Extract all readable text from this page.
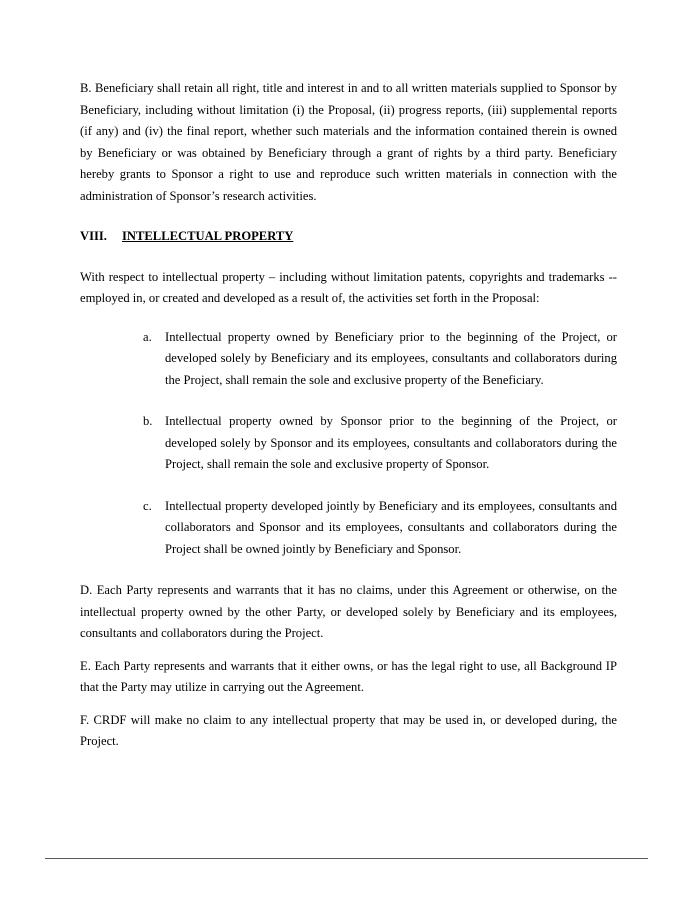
B. Beneficiary shall retain all right, title and interest in and to all written materials supplied to Sponsor by Beneficiary, including without limitation (i) the Proposal, (ii) progress reports, (iii) supplemental reports (if any) and (iv) the final report, whether such materials and the information contained therein is owned by Beneficiary or was obtained by Beneficiary through a grant of rights by a third party. Beneficiary hereby grants to Sponsor a right to use and reproduce such written materials in connection with the administration of Sponsor’s research activities.

VIII. INTELLECTUAL PROPERTY

With respect to intellectual property – including without limitation patents, copyrights and trademarks -- employed in, or created and developed as a result of, the activities set forth in the Proposal:

a. Intellectual property owned by Beneficiary prior to the beginning of the Project, or developed solely by Beneficiary and its employees, consultants and collaborators during the Project, shall remain the sole and exclusive property of the Beneficiary.
b. Intellectual property owned by Sponsor prior to the beginning of the Project, or developed solely by Sponsor and its employees, consultants and collaborators during the Project, shall remain the sole and exclusive property of Sponsor.
c. Intellectual property developed jointly by Beneficiary and its employees, consultants and collaborators and Sponsor and its employees, consultants and collaborators during the Project shall be owned jointly by Beneficiary and Sponsor.

D. Each Party represents and warrants that it has no claims, under this Agreement or otherwise, on the intellectual property owned by the other Party, or developed solely by Beneficiary and its employees, consultants and collaborators during the Project.

E. Each Party represents and warrants that it either owns, or has the legal right to use, all Background IP that the Party may utilize in carrying out the Agreement.

F. CRDF will make no claim to any intellectual property that may be used in, or developed during, the Project.
